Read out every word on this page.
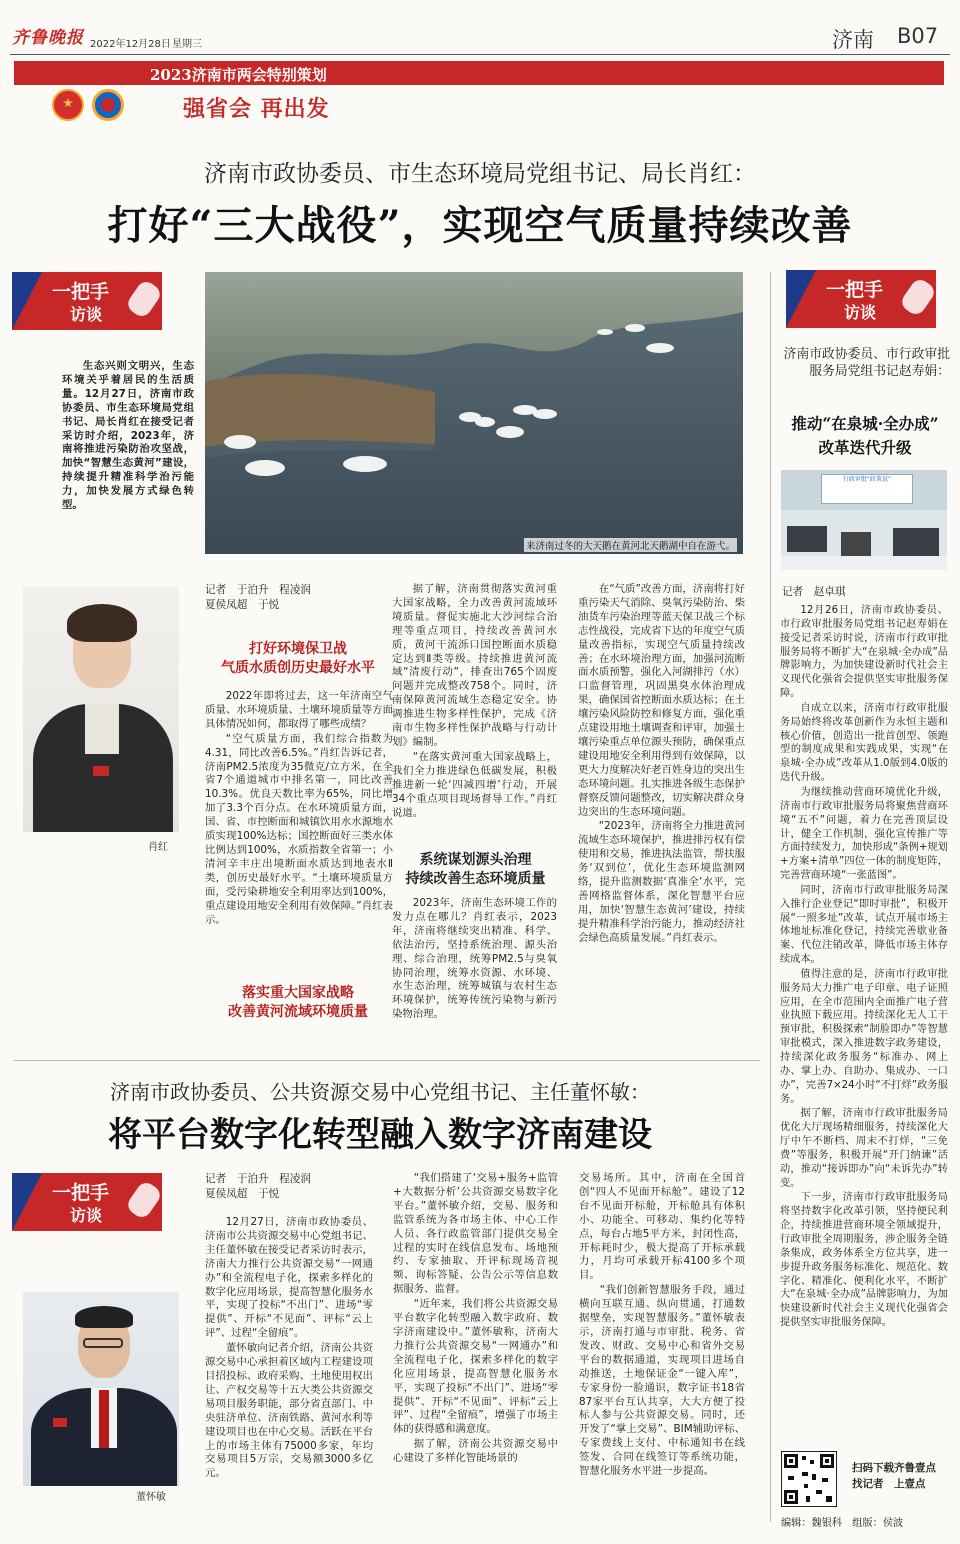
齐鲁晚报 2022年12月28日 星期三	济南 B07
2023济南市两会特别策划
强省会 再出发
济南市政协委员、市生态环境局党组书记、局长肖红：
打好“三大战役”，实现空气质量持续改善
一把手
访谈

生态兴则文明兴，生态环境关乎着居民的生活质量。12月27日，济南市政协委员、市生态环境局党组书记、局长肖红在接受记者采访时介绍，2023年，济南将推进污染防治攻坚战，加快“智慧生态黄河”建设，持续提升精准科学治污能力，加快发展方式绿色转型。

来济南过冬的大天鹅在黄河北天鹅湖中自在游弋。
肖红
记者　于泊升　程凌润
夏侯凤超　于悦
打好环境保卫战
气质水质创历史最好水平

2022年即将过去，这一年济南空气质量、水环境质量、土壤环境质量等方面具体情况如何，都取得了哪些成绩？

“空气质量方面，我们综合指数为4.31，同比改善6.5%。”肖红告诉记者，济南PM2.5浓度为35微克/立方米，在全省7个通道城市中排名第一，同比改善10.3%。优良天数比率为65%，同比增加了3.3个百分点。在水环境质量方面，国、省、市控断面和城镇饮用水水源地水质实现100%达标；国控断面好三类水体比例达到100%，水质指数全省第一；小清河辛丰庄出境断面水质达到地表水Ⅱ类，创历史最好水平。“土壤环境质量方面，受污染耕地安全利用率达到100%，重点建设用地安全利用有效保障。”肖红表示。

落实重大国家战略
改善黄河流域环境质量

据了解，济南贯彻落实黄河重大国家战略，全力改善黄河流域环境质量。督促实施北大沙河综合治理等重点项目，持续改善黄河水质，黄河干流泺口国控断面水质稳定达到Ⅱ类等级。持续推进黄河流域“清废行动”，排查出765个固废问题并完成整改758个。同时，济南保障黄河流域生态稳定安全。协调推进生物多样性保护，完成《济南市生物多样性保护战略与行动计划》编制。

“在落实黄河重大国家战略上，我们全力推进绿色低碳发展，积极推进新一轮‘四减四增’行动，开展34个重点项目现场督导工作。”肖红说道。

系统谋划源头治理
持续改善生态环境质量

2023年，济南生态环境工作的发力点在哪儿？肖红表示，2023年，济南将继续突出精准、科学、依法治污，坚持系统治理、源头治理、综合治理，统筹PM2.5与臭氧协同治理，统筹水资源、水环境、水生态治理，统筹城镇与农村生态环境保护，统筹传统污染物与新污染物治理。

在“气质”改善方面，济南将打好重污染天气消除、臭氧污染防治、柴油货车污染治理等蓝天保卫战三个标志性战役，完成省下达的年度空气质量改善指标，实现空气质量持续改善；在水环境治理方面，加强河流断面水质预警，强化入河湖排污（水）口监督管理，巩固黑臭水体治理成果，确保国省控断面水质达标；在土壤污染风险防控和修复方面，强化重点建设用地土壤调查和评审，加强土壤污染重点单位源头预防，确保重点建设用地安全利用得到有效保障，以更大力度解决好老百姓身边的突出生态环境问题。扎实推进各级生态保护督察反馈问题整改，切实解决群众身边突出的生态环境问题。

“2023年，济南将全力推进黄河流域生态环境保护，推进排污权有偿使用和交易，推进执法监管，帮扶服务‘双到位’，优化生态环境监测网络，提升监测数据‘真准全’水平，完善网格监督体系，深化智慧平台应用，加快‘智慧生态黄河’建设，持续提升精准科学治污能力，推动经济社会绿色高质量发展。”肖红表示。

一把手
访谈
济南市政协委员、市行政审批服务局党组书记赵寿娟：
推动“在泉城·全办成”
改革迭代升级
行政审批“政策说”
记者　赵卓琪

12月26日，济南市政协委员、市行政审批服务局党组书记赵寿娟在接受记者采访时说，济南市行政审批服务局将不断扩大“在泉城·全办成”品牌影响力，为加快建设新时代社会主义现代化强省会提供坚实审批服务保障。

自成立以来，济南市行政审批服务局始终将改革创新作为永恒主题和核心价值，创造出一批首创型、领跑型的制度成果和实践成果，实现“在泉城·全办成”改革从1.0版到4.0版的迭代升级。

为继续推动营商环境优化升级，济南市行政审批服务局将聚焦营商环境“五不”问题，着力在完善顶层设计，健全工作机制，强化宣传推广等方面持续发力，加快形成“条例+规划+方案+清单”四位一体的制度矩阵，完善营商环境“一张蓝图”。

同时，济南市行政审批服务局深入推行企业登记“即时审批”，积极开展“一照多址”改革，试点开展市场主体地址标准化登记，持续完善歇业备案、代位注销改革，降低市场主体存续成本。

值得注意的是，济南市行政审批服务局大力推广电子印章、电子证照应用，在全市范围内全面推广电子营业执照下载应用。持续深化无人工干预审批，积极探索“制脸即办”等智慧审批模式，深入推进数字政务建设，持续深化政务服务“标准办、网上办、掌上办、自助办、集成办、一口办”，完善7×24小时“不打烊”政务服务。

据了解，济南市行政审批服务局优化大厅现场精细服务，持续深化大厅中午不断档、周末不打烊，“三免费”等服务，积极开展“开门纳谏”活动，推动“接诉即办”向“未诉先办”转变。

下一步，济南市行政审批服务局将坚持数字化改革引领，坚持便民利企，持续推进营商环境全领域提升，行政审批全周期服务，涉企服务全链条集成，政务体系全方位共享，进一步提升政务服务标准化、规范化、数字化、精准化、便利化水平，不断扩大“在泉城·全办成”品牌影响力，为加快建设新时代社会主义现代化强省会提供坚实审批服务保障。

扫码下载齐鲁壹点
找记者　上壹点
编辑：魏银科　组版：侯波
济南市政协委员、公共资源交易中心党组书记、主任董怀敏：
将平台数字化转型融入数字济南建设
一把手
访谈
董怀敏
记者　于泊升　程凌润
夏侯凤超　于悦

12月27日，济南市政协委员、济南市公共资源交易中心党组书记、主任董怀敏在接受记者采访时表示，济南大力推行公共资源交易“一网通办”和全流程电子化，探索多样化的数字化应用场景，提高智慧化服务水平，实现了投标“不出门”、进场“零提供”、开标“不见面”、评标“云上评”、过程“全留痕”。

董怀敏向记者介绍，济南公共资源交易中心承担着区域内工程建设项目招投标、政府采购、土地使用权出让、产权交易等十五大类公共资源交易项目服务职能，部分省直部门、中央驻济单位、济南铁路、黄河水利等建设项目也在中心交易。活跃在平台上的市场主体有75000多家，年均交易项目5万宗，交易额3000多亿元。

“我们搭建了‘交易+服务+监管+大数据分析’公共资源交易数字化平台。”董怀敏介绍，交易、服务和监管系统为各市场主体、中心工作人员、各行政监管部门提供交易全过程的实时在线信息发布、场地预约、专家抽取、开评标现场音视频、询标答疑、公告公示等信息数据服务、监督。

“近年来，我们将公共资源交易平台数字化转型融入数字政府、数字济南建设中。”董怀敏称，济南大力推行公共资源交易“一网通办”和全流程电子化，探索多样化的数字化应用场景，提高智慧化服务水平，实现了投标“不出门”、进场“零提供”、开标“不见面”、评标“云上评”、过程“全留痕”，增强了市场主体的获得感和满意度。

据了解，济南公共资源交易中心建设了多样化智能场景的

交易场所。其中，济南在全国首创“四人不见面开标舱”。建设了12台不见面开标舱，开标舱具有体积小、功能全、可移动、集约化等特点，每台占地5平方米，封闭性高，开标耗时少，极大提高了开标承载力，月均可承载开标4100多个项目。

“我们创新智慧服务手段，通过横向互联互通、纵向贯通，打通数据壁垒，实现智慧服务。”董怀敏表示，济南打通与市审批、税务、省发改、财政、交易中心和省外交易平台的数据通道，实现项目进场自动推送，土地保证金“一键入库”，专家身份一脸通识，数字证书18省87家平台互认共享，大大方便了投标人参与公共资源交易。同时，还开发了“掌上交易”、BIM辅助评标、专家费线上支付、中标通知书在线签发、合同在线签订等系统功能，智慧化服务水平进一步提高。
